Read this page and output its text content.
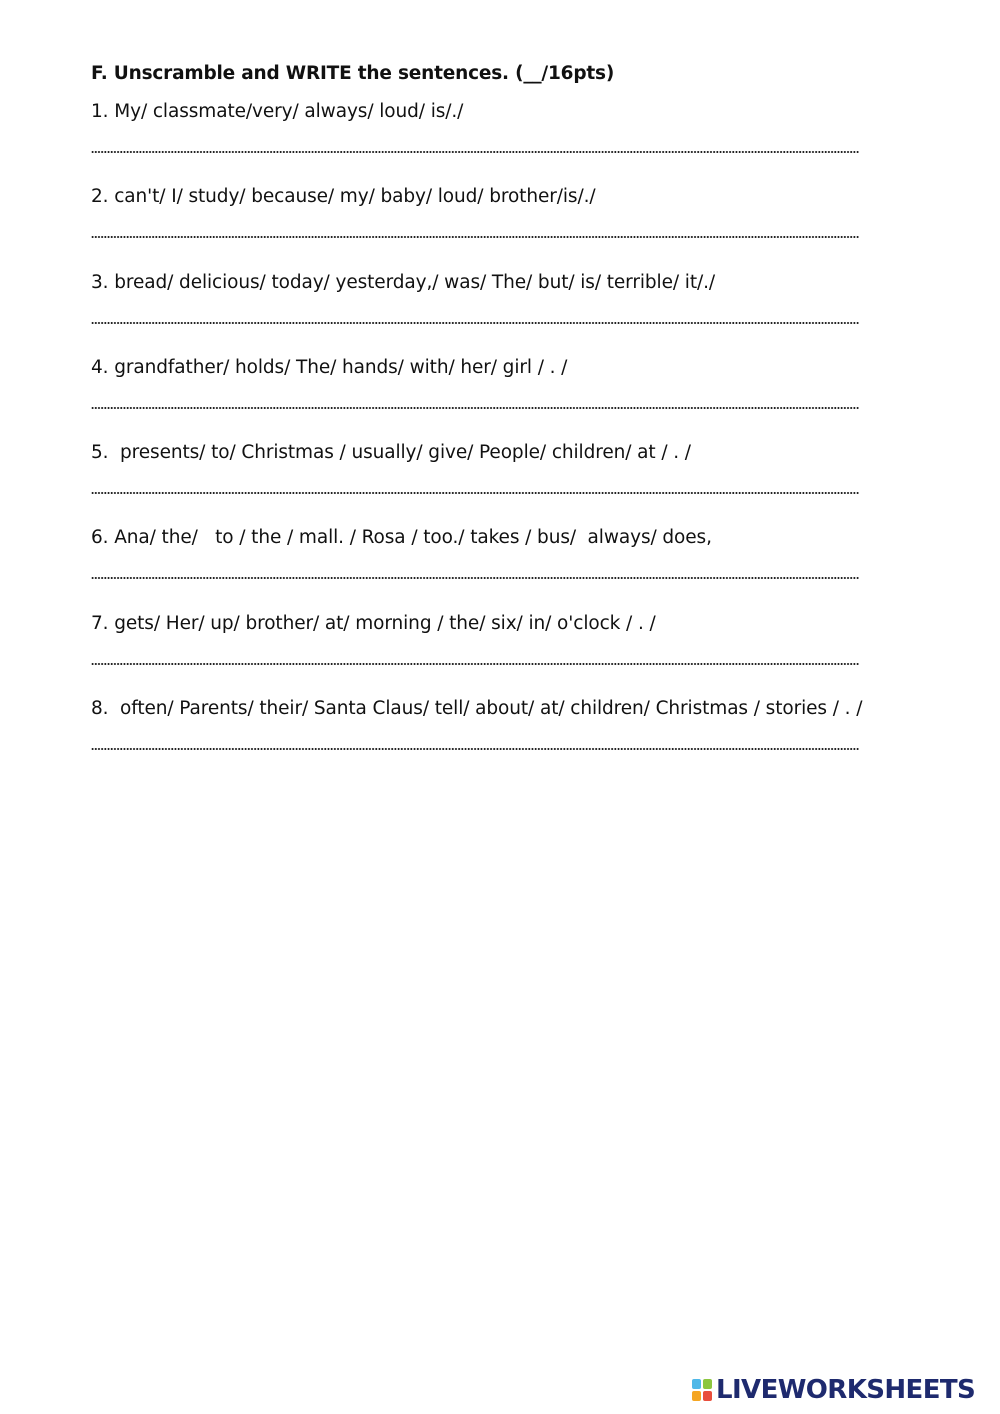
F. Unscramble and WRITE the sentences. (__/16pts)
1. My/ classmate/very/ always/ loud/ is/./
2. can't/ I/ study/ because/ my/ baby/ loud/ brother/is/./
3. bread/ delicious/ today/ yesterday,/ was/ The/ but/ is/ terrible/ it/./
4. grandfather/ holds/ The/ hands/ with/ her/ girl / . /
5.  presents/ to/ Christmas / usually/ give/ People/ children/ at / . /
6. Ana/ the/   to / the / mall. / Rosa / too./ takes / bus/  always/ does,
7. gets/ Her/ up/ brother/ at/ morning / the/ six/ in/ o'clock / . /
8.  often/ Parents/ their/ Santa Claus/ tell/ about/ at/ children/ Christmas / stories / . /
LIVEWORKSHEETS
